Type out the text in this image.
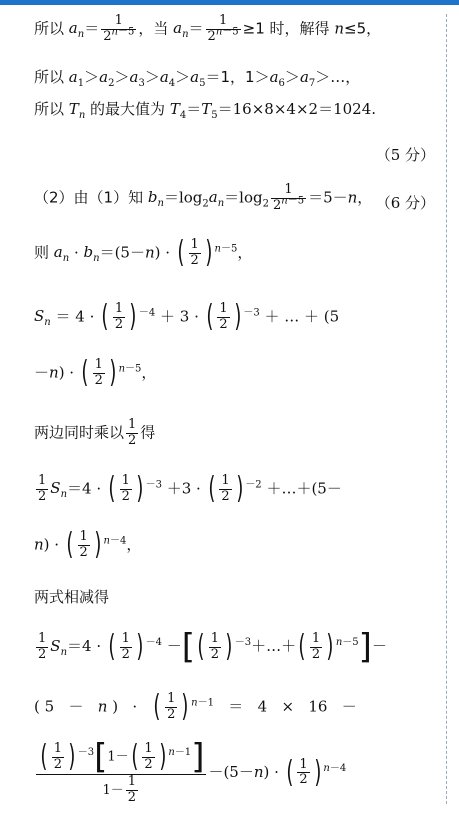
所以 $a_n= \frac{1}{2^{n-5}}$ ，当 $a_n= \frac{1}{2^{n-5}} \ge 1$ 时，解得 n≤5，
所以 $a_1>a_2>a_3>a_4>a_5=1$，$1>a_6>a_7>\dots$，
所以 $T_n$ 的最大值为 $T_4=T_5=16\times 8\times 4\times 2=1024$.
（5 分）
（2）由（1）知 $b_n=\log_2a_n=\log_2 \frac{1}{2^{n-5}} =5-n$， （6 分）
则 $a_n \cdot b_n=(5-n)$ · ( $\frac{1}{2}$ ) $^{n-5}$，
$S_n = 4$ · ( $\frac{1}{2}$ ) $^{-4}$ ＋ 3 · ( $\frac{1}{2}$ ) $^{-3}$ ＋ … ＋ (5
－n) · ( $\frac{1}{2}$ ) $^{n-5}$，
两边同时乘以 $\frac{1}{2}$ 得
$\frac{1}{2} S_n=4$ · ( $\frac{1}{2}$ ) $^{-3}$ ＋3 · ( $\frac{1}{2}$ ) $^{-2}$ ＋…＋(5－
n) · ( $\frac{1}{2}$ ) $^{n-4}$，
两式相减得
$\frac{1}{2} S_n=4$ · ( $\frac{1}{2}$ ) $^{-4}$ －[( $\frac{1}{2}$ ) $^{-3}$＋…＋( $\frac{1}{2}$ ) $^{n-5}$]－
( 5   －   n )   ·   ( $\frac{1}{2}$ ) $^{n-1}$   ＝   4   ×   16   －
$\frac{( \frac{1}{2} ) ^{-3}[1-( \frac{1}{2} ) ^{n-1}]}{1- \frac{1}{2}} -(5-n)$ · ( $\frac{1}{2}$ ) $^{n-4}$
